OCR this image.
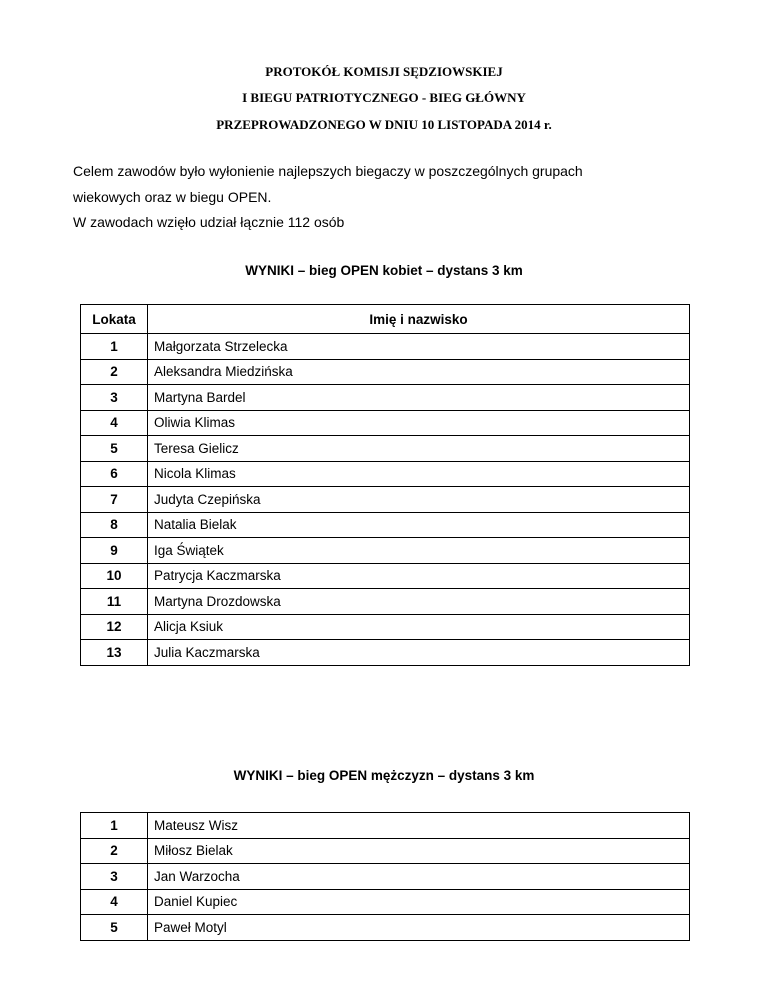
PROTOKÓŁ KOMISJI SĘDZIOWSKIEJ
I BIEGU PATRIOTYCZNEGO - BIEG GŁÓWNY
PRZEPROWADZONEGO W DNIU 10 LISTOPADA 2014 r.
Celem zawodów było wyłonienie najlepszych biegaczy w poszczególnych grupach
wiekowych oraz w biegu OPEN.
W zawodach wzięło udział łącznie 112 osób
WYNIKI – bieg OPEN kobiet – dystans 3 km
Lokata	Imię i nazwisko
1	Małgorzata Strzelecka
2	Aleksandra Miedzińska
3	Martyna Bardel
4	Oliwia Klimas
5	Teresa Gielicz
6	Nicola Klimas
7	Judyta Czepińska
8	Natalia Bielak
9	Iga Świątek
10	Patrycja Kaczmarska
11	Martyna Drozdowska
12	Alicja Ksiuk
13	Julia Kaczmarska
WYNIKI – bieg OPEN mężczyzn – dystans 3 km
1	Mateusz Wisz
2	Miłosz Bielak
3	Jan Warzocha
4	Daniel Kupiec
5	Paweł Motyl
